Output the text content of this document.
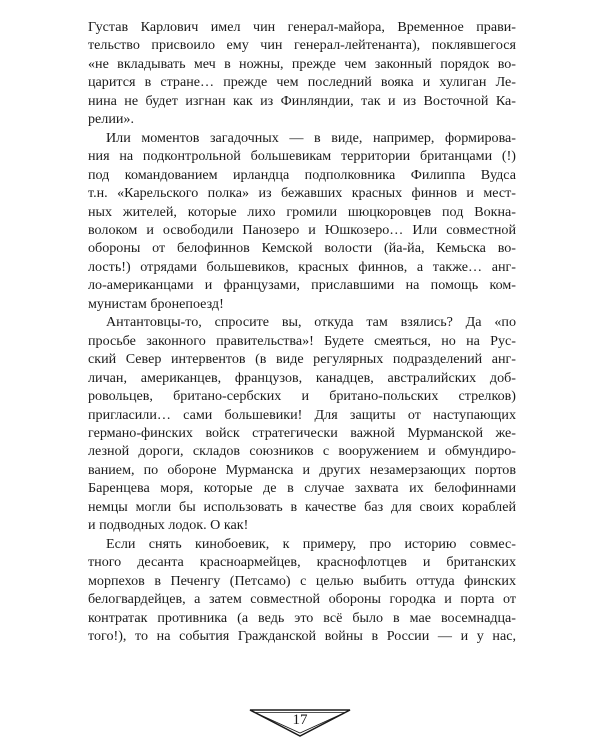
Густав Карлович имел чин генерал-майора, Временное прави-
тельство присвоило ему чин генерал-лейтенанта), поклявшегося
«не вкладывать меч в ножны, прежде чем законный порядок во-
царится в стране… прежде чем последний вояка и хулиган Ле-
нина не будет изгнан как из Финляндии, так и из Восточной Ка-
релии».

Или моментов загадочных — в виде, например, формирова-
ния на подконтрольной большевикам территории британцами (!)
под командованием ирландца подполковника Филиппа Вудса
т.н. «Карельского полка» из бежавших красных финнов и мест-
ных жителей, которые лихо громили шюцкоровцев под Вокна-
волоком и освободили Панозеро и Юшкозеро… Или совместной
обороны от белофиннов Кемской волости (йа-йа, Кемьска во-
лость!) отрядами большевиков, красных финнов, а также… анг-
ло-американцами и французами, приславшими на помощь ком-
мунистам бронепоезд!

Антантовцы-то, спросите вы, откуда там взялись? Да «по
просьбе законного правительства»! Будете смеяться, но на Рус-
ский Север интервентов (в виде регулярных подразделений анг-
личан, американцев, французов, канадцев, австралийских доб-
ровольцев, британо-сербских и британо-польских стрелков)
пригласили… сами большевики! Для защиты от наступающих
германо-финских войск стратегически важной Мурманской же-
лезной дороги, складов союзников с вооружением и обмундиро-
ванием, по обороне Мурманска и других незамерзающих портов
Баренцева моря, которые де в случае захвата их белофиннами
немцы могли бы использовать в качестве баз для своих кораблей
и подводных лодок. О как!

Если снять кинобоевик, к примеру, про историю совмес-
тного десанта красноармейцев, краснофлотцев и британских
морпехов в Печенгу (Петсамо) с целью выбить оттуда финских
белогвардейцев, а затем совместной обороны городка и порта от
контратак противника (а ведь это всё было в мае восемнадца-
того!), то на события Гражданской войны в России — и у нас,

17
